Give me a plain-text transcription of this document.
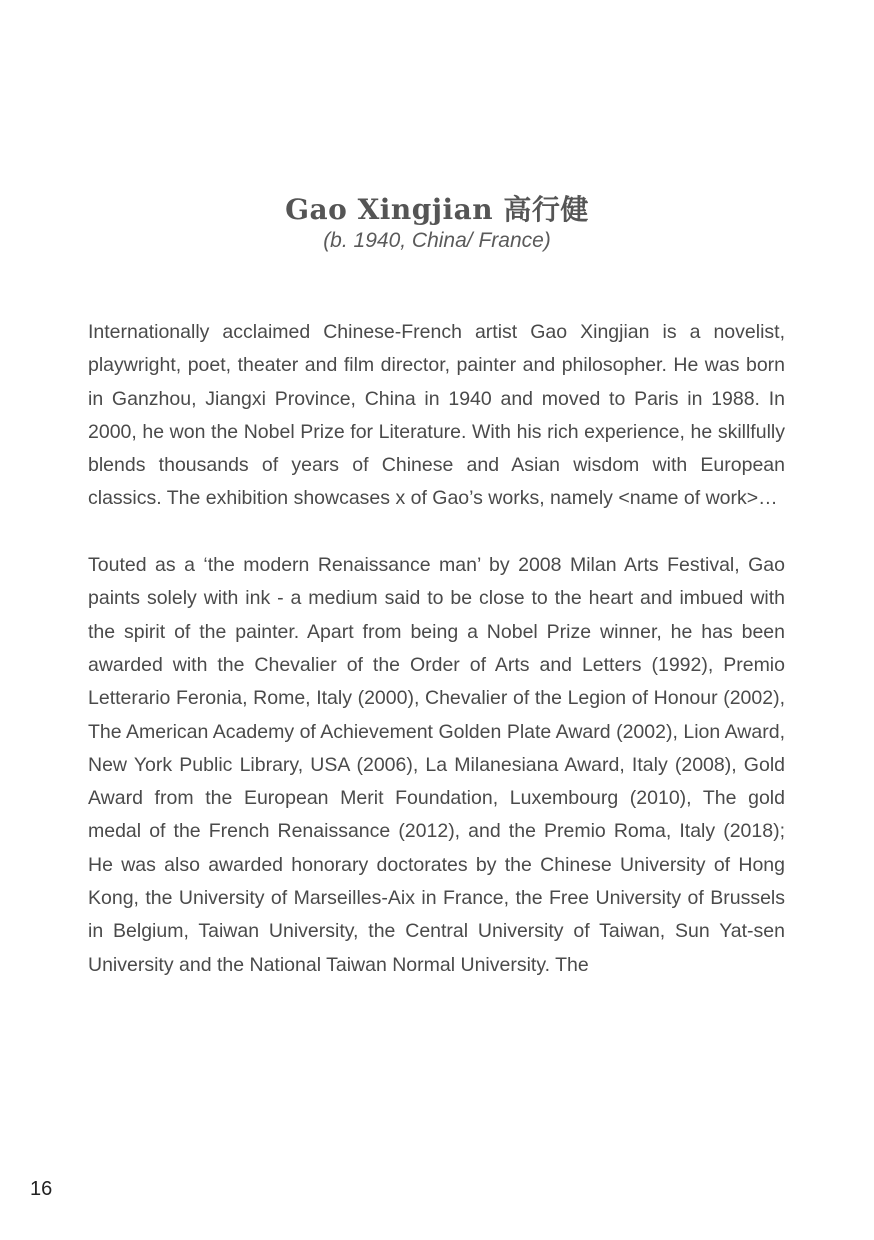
Gao Xingjian 高行健
(b. 1940, China/ France)

Internationally acclaimed Chinese-French artist Gao Xingjian is a novelist, playwright, poet, theater and film director, painter and philosopher. He was born in Ganzhou, Jiangxi Province, China in 1940 and moved to Paris in 1988. In 2000, he won the Nobel Prize for Literature. With his rich experience, he skillfully blends thousands of years of Chinese and Asian wisdom with European classics. The exhibition showcases x of Gao’s works, namely <name of work>…

Touted as a ‘the modern Renaissance man’ by 2008 Milan Arts Festival, Gao paints solely with ink - a medium said to be close to the heart and imbued with the spirit of the painter. Apart from being a Nobel Prize winner, he has been awarded with the Chevalier of the Order of Arts and Letters (1992), Premio Letterario Feronia, Rome, Italy (2000), Chevalier of the Legion of Honour (2002), The American Academy of Achievement Golden Plate Award (2002), Lion Award, New York Public Library, USA (2006), La Milanesiana Award, Italy (2008), Gold Award from the European Merit Foundation, Luxembourg (2010), The gold medal of the French Renaissance (2012), and the Premio Roma, Italy (2018); He was also awarded honorary doctorates by the Chinese University of Hong Kong, the University of Marseilles-Aix in France, the Free University of Brussels in Belgium, Taiwan University, the Central University of Taiwan, Sun Yat-sen University and the National Taiwan Normal University. The

16
